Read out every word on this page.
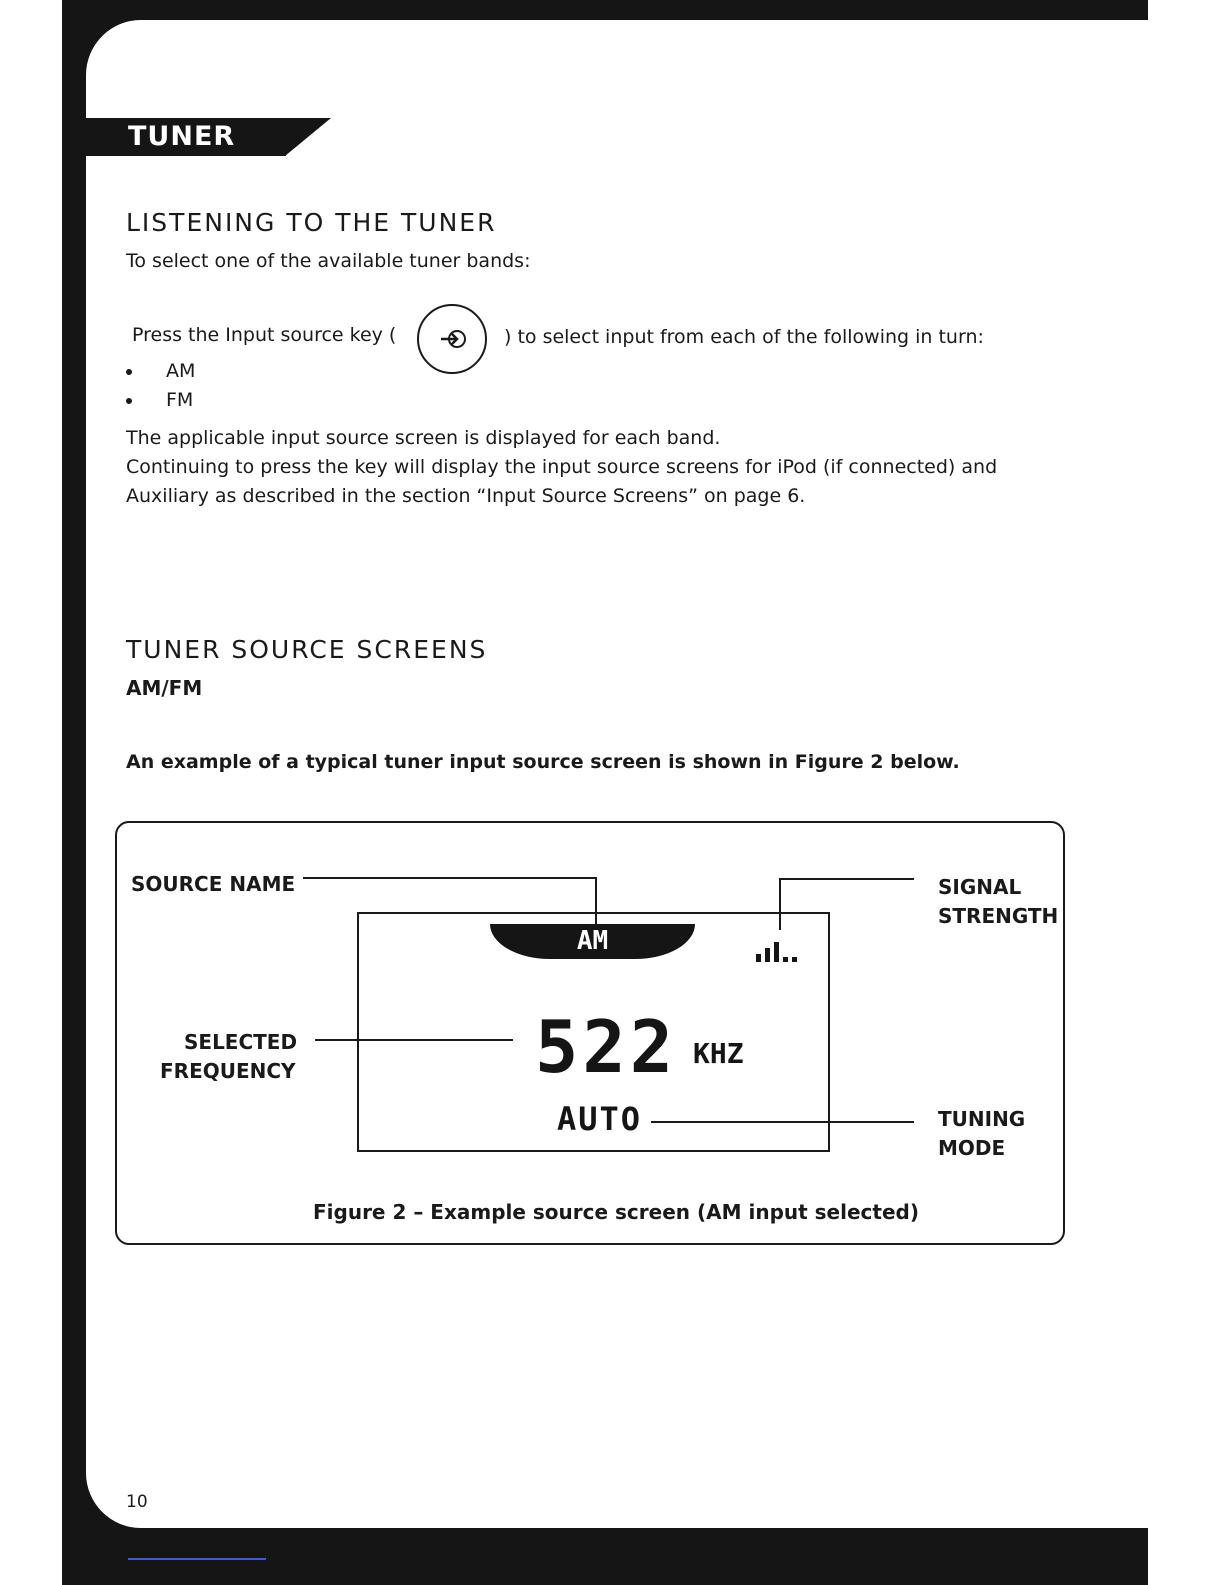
TUNER
LISTENING TO THE TUNER

To select one of the available tuner bands:

Press the Input source key (	) to select input from each of the following in turn:

AM
FM

The applicable input source screen is displayed for each band.

Continuing to press the key will display the input source screens for iPod (if connected) and

Auxiliary as described in the section “Input Source Screens” on page 6.

TUNER SOURCE SCREENS

AM/FM

An example of a typical tuner input source screen is shown in Figure 2 below.

SOURCE NAME	SIGNAL

STRENGTH

SELECTED

FREQUENCY

TUNING

MODE

AM

522 KHZ

AUTO

Figure 2 – Example source screen (AM input selected)

10
